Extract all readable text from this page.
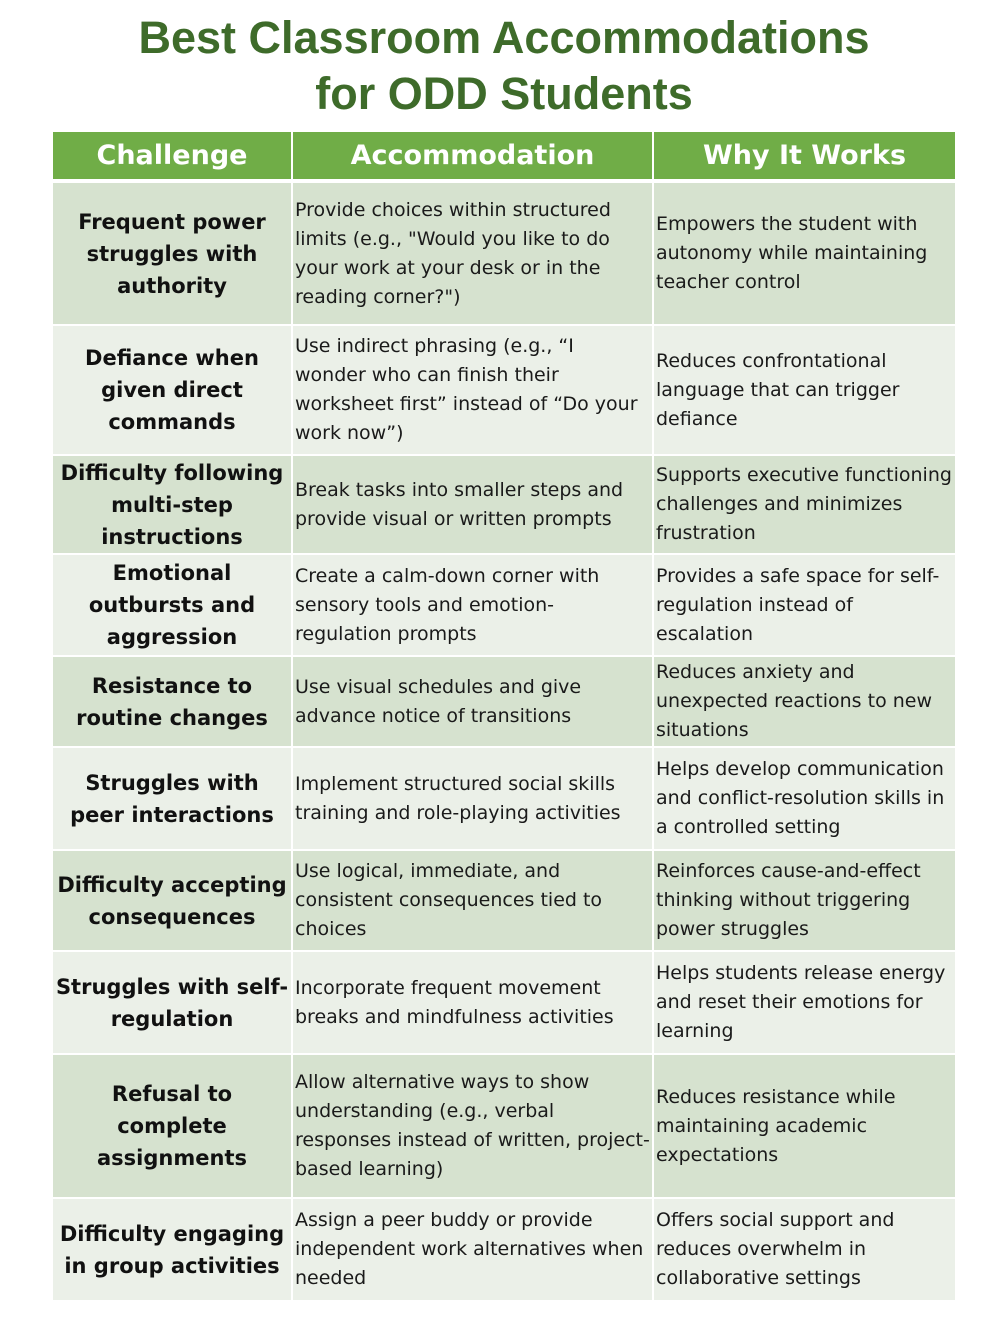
Best Classroom Accommodations
for ODD Students
Challenge	Accommodation	Why It Works
Frequent power struggles with authority	Provide choices within structured limits (e.g., "Would you like to do your work at your desk or in the reading corner?")	Empowers the student with autonomy while maintaining teacher control
Defiance when given direct commands	Use indirect phrasing (e.g., “I wonder who can finish their worksheet first” instead of “Do your work now”)	Reduces confrontational language that can trigger defiance
Difficulty following multi-step instructions	Break tasks into smaller steps and provide visual or written prompts	Supports executive functioning challenges and minimizes frustration
Emotional outbursts and aggression	Create a calm-down corner with sensory tools and emotion-regulation prompts	Provides a safe space for self-regulation instead of escalation
Resistance to routine changes	Use visual schedules and give advance notice of transitions	Reduces anxiety and unexpected reactions to new situations
Struggles with peer interactions	Implement structured social skills training and role-playing activities	Helps develop communication and conflict-resolution skills in a controlled setting
Difficulty accepting consequences	Use logical, immediate, and consistent consequences tied to choices	Reinforces cause-and-effect thinking without triggering power struggles
Struggles with self-regulation	Incorporate frequent movement breaks and mindfulness activities	Helps students release energy and reset their emotions for learning
Refusal to complete assignments	Allow alternative ways to show understanding (e.g., verbal responses instead of written, project-based learning)	Reduces resistance while maintaining academic expectations
Difficulty engaging in group activities	Assign a peer buddy or provide independent work alternatives when needed	Offers social support and reduces overwhelm in collaborative settings
